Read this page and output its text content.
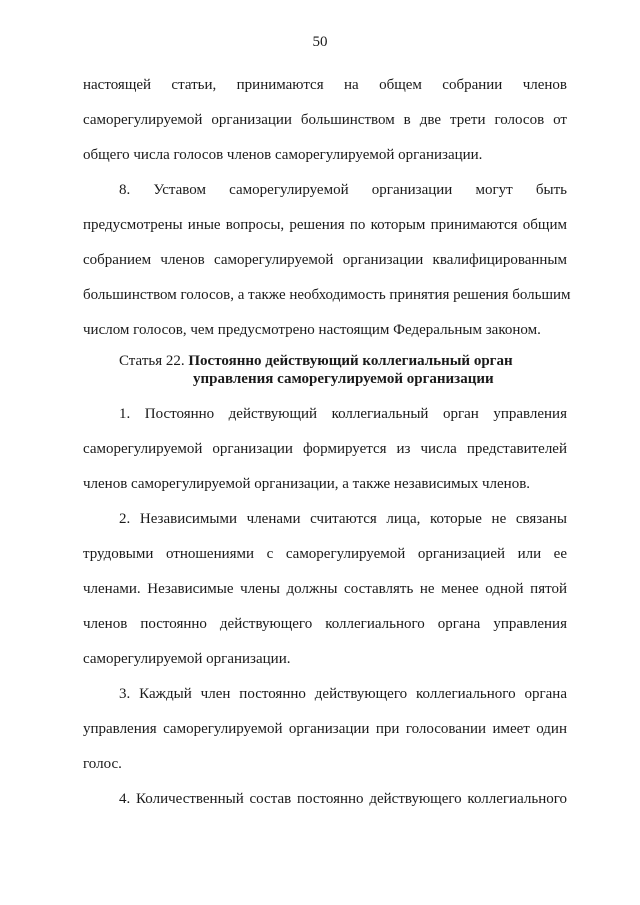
50
настоящей статьи, принимаются на общем собрании членов
саморегулируемой организации большинством в две трети голосов от
общего числа голосов членов саморегулируемой организации.
8. Уставом саморегулируемой организации могут быть
предусмотрены иные вопросы, решения по которым принимаются общим
собранием членов саморегулируемой организации квалифицированным
большинством голосов, а также необходимость принятия решения большим
числом голосов, чем предусмотрено настоящим Федеральным законом.
Статья 22. Постоянно действующий коллегиальный орган
управления саморегулируемой организации
1. Постоянно действующий коллегиальный орган управления
саморегулируемой организации формируется из числа представителей
членов саморегулируемой организации, а также независимых членов.
2. Независимыми членами считаются лица, которые не связаны
трудовыми отношениями с саморегулируемой организацией или ее
членами. Независимые члены должны составлять не менее одной пятой
членов постоянно действующего коллегиального органа управления
саморегулируемой организации.
3. Каждый член постоянно действующего коллегиального органа
управления саморегулируемой организации при голосовании имеет один
голос.
4. Количественный состав постоянно действующего коллегиального
